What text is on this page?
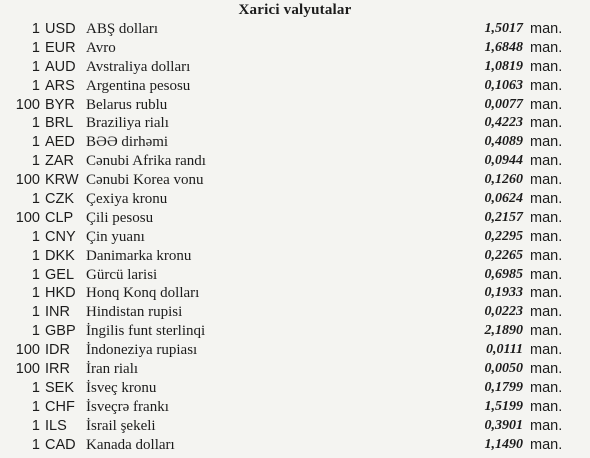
Xarici valyutalar
1 USD ABŞ dolları	1,5017 man.
1 EUR Avro	1,6848 man.
1 AUD Avstraliya dolları	1,0819 man.
1 ARS Argentina pesosu	0,1063 man.
100 BYR Belarus rublu	0,0077 man.
1 BRL Braziliya rialı	0,4223 man.
1 AED BƏƏ dirhəmi	0,4089 man.
1 ZAR Cənubi Afrika randı	0,0944 man.
100 KRW Cənubi Korea vonu	0,1260 man.
1 CZK Çexiya kronu	0,0624 man.
100 CLP Çili pesosu	0,2157 man.
1 CNY Çin yuanı	0,2295 man.
1 DKK Danimarka kronu	0,2265 man.
1 GEL Gürcü larisi	0,6985 man.
1 HKD Honq Konq dolları	0,1933 man.
1 INR Hindistan rupisi	0,0223 man.
1 GBP İngilis funt sterlinqi	2,1890 man.
100 IDR İndoneziya rupiası	0,0111 man.
100 IRR İran rialı	0,0050 man.
1 SEK İsveç kronu	0,1799 man.
1 CHF İsveçrə frankı	1,5199 man.
1 ILS İsrail şekeli	0,3901 man.
1 CAD Kanada dolları	1,1490 man.
